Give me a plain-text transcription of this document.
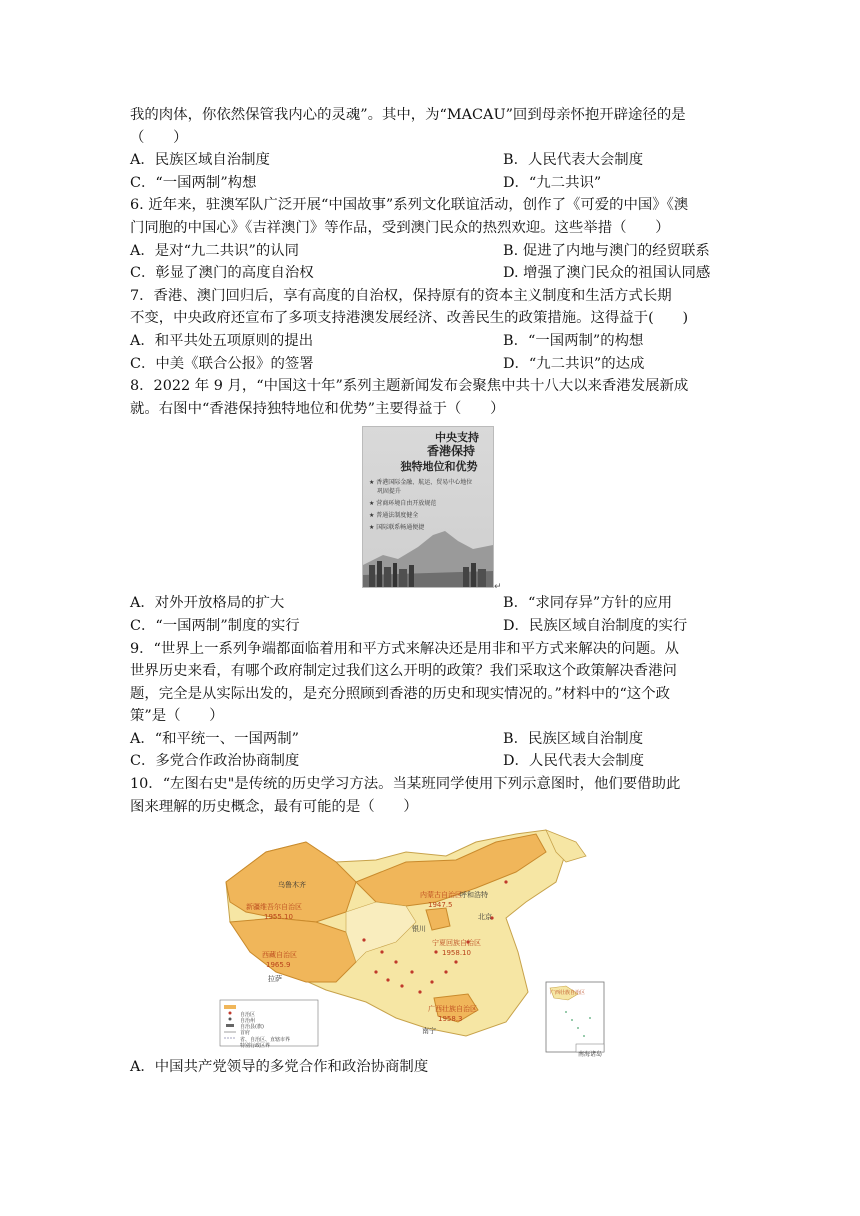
我的肉体，你依然保管我内心的灵魂”。其中，为“MACAU”回到母亲怀抱开辟途径的是
（　　）
A．民族区域自治制度	B．人民代表大会制度
C．“一国两制”构想	D．“九二共识”
6. 近年来，驻澳军队广泛开展“中国故事”系列文化联谊活动，创作了《可爱的中国》《澳
门同胞的中国心》《吉祥澳门》等作品，受到澳门民众的热烈欢迎。这些举措（　　）
A．是对“九二共识”的认同	B. 促进了内地与澳门的经贸联系
C．彰显了澳门的高度自治权	D. 增强了澳门民众的祖国认同感
7．香港、澳门回归后，享有高度的自治权，保持原有的资本主义制度和生活方式长期
不变，中央政府还宣布了多项支持港澳发展经济、改善民生的政策措施。这得益于(　　)
A．和平共处五项原则的提出	B．“一国两制”的构想
C．中美《联合公报》的签署	D．“九二共识”的达成
8．2022 年 9 月，“中国这十年”系列主题新闻发布会聚焦中共十八大以来香港发展新成
就。右图中“香港保持独特地位和优势”主要得益于（　　）
中央支持
香港保持
独特地位和优势
★ 香港国际金融、航运、贸易中心地位
　 巩固提升
★ 营商环境自由开放规范
★ 普通法制度健全
★ 国际联系畅通便捷
↵
A．对外开放格局的扩大	B．“求同存异”方针的应用
C．“一国两制”制度的实行	D．民族区域自治制度的实行
9．“世界上一系列争端都面临着用和平方式来解决还是用非和平方式来解决的问题。从
世界历史来看，有哪个政府制定过我们这么开明的政策？我们采取这个政策解决香港问
题，完全是从实际出发的，是充分照顾到香港的历史和现实情况的。”材料中的“这个政
策”是（　　）
A．“和平统一、一国两制”	B．民族区域自治制度
C．多党合作政治协商制度	D．人民代表大会制度
10．“左图右史"是传统的历史学习方法。当某班同学使用下列示意图时，他们要借助此
图来理解的历史概念，最有可能的是（　　）
乌鲁木齐
新疆维吾尔自治区
1955.10
西藏自治区
1965.9
拉萨
呼和浩特
内蒙古自治区
1947.5
宁夏回族自治区
1958.10
银川
北京
广西壮族自治区
1958.3
南宁
南海诸岛
广西壮族自治区
自治区
自治州
自治县(旗)
首府
省、自治区、直辖市界
特别行政区界
A．中国共产党领导的多党合作和政治协商制度
